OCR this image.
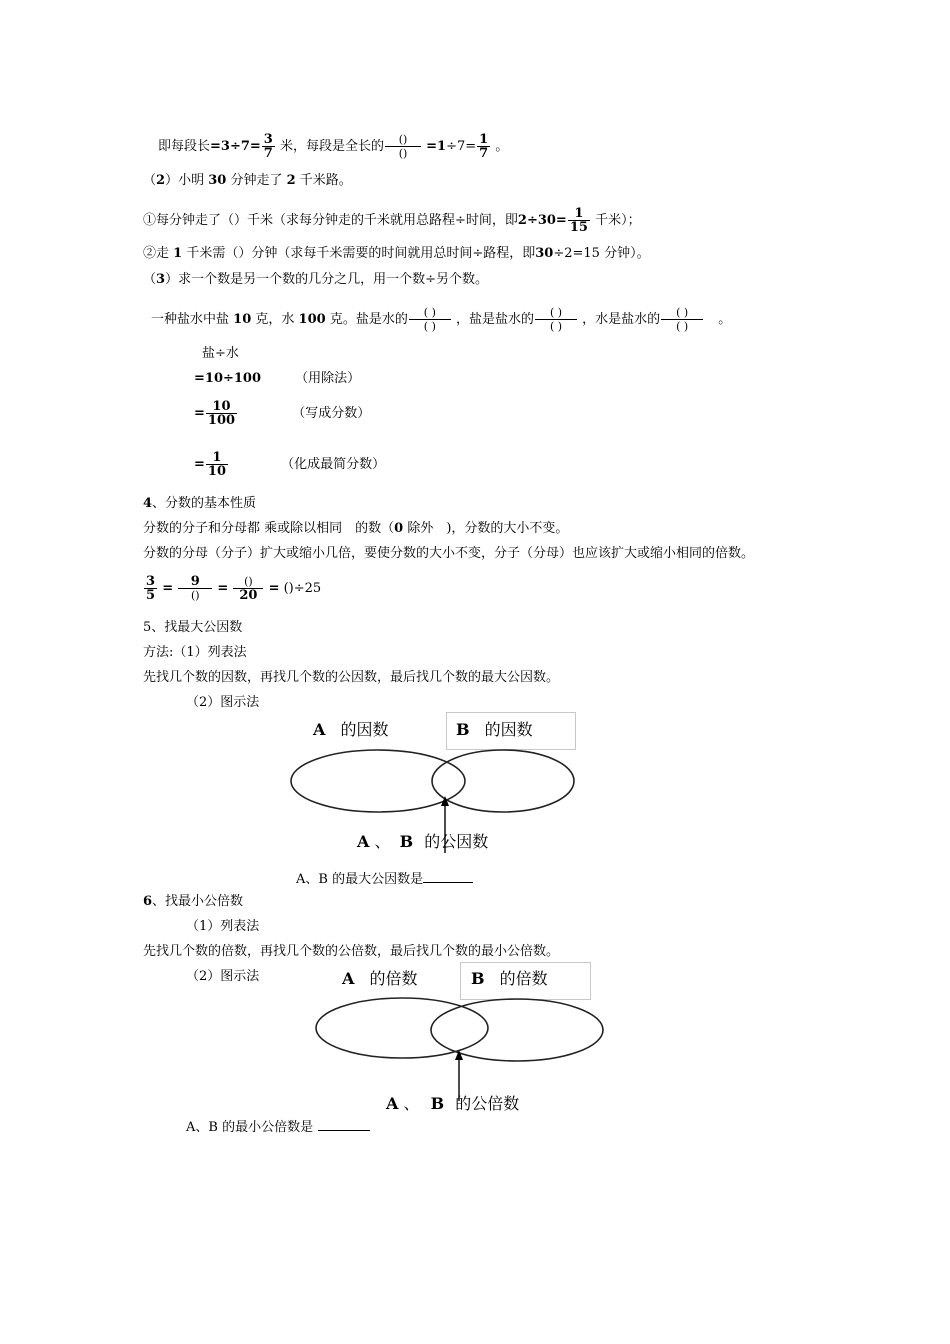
即每段长$=3\div 7= \frac{3}{7}$ 米，每段是全长的 $\frac{()}{()} =1\div 7= \frac{1}{7}$ 。
（2）小明 30 分钟走了 2 千米路。
①每分钟走了（）千米（求每分钟走的千米就用总路程÷时间，即$2\div 30= \frac{1}{15}$ 千米）；
②走 1 千米需（）分钟（求每千米需要的时间就用总时间÷路程，即30÷2=15 分钟）。
（3）求一个数是另一个数的几分之几，用一个数÷另个数。
一种盐水中盐 10 克，水 100 克。盐是水的 $\frac{( )}{( )}$ ，盐是盐水的 $\frac{( )}{( )}$ ，水是盐水的 $\frac{( )}{( )}$ 。
盐÷水
=10÷100	（用除法）
= $\frac{10}{100}$	（写成分数）
= $\frac{1}{10}$	（化成最简分数）
4、分数的基本性质
分数的分子和分母都 乘或除以相同　的数（0 除外　)，分数的大小不变。
分数的分母（分子）扩大或缩小几倍，要使分数的大小不变，分子（分母）也应该扩大或缩小相同的倍数。
$\frac{3}{5} = \frac{9}{()} = \frac{()}{20} = ()\div 25$
5、找最大公因数
方法:（1）列表法
先找几个数的因数，再找几个数的公因数，最后找几个数的最大公因数。
（2）图示法
A 的因数	B 的因数
A 、 B 的公因数
A、B 的最大公因数是
6、找最小公倍数
（1）列表法
先找几个数的倍数，再找几个数的公倍数，最后找几个数的最小公倍数。
（2）图示法	A 的倍数	B 的倍数
A 、 B 的公倍数
A、B 的最小公倍数是
